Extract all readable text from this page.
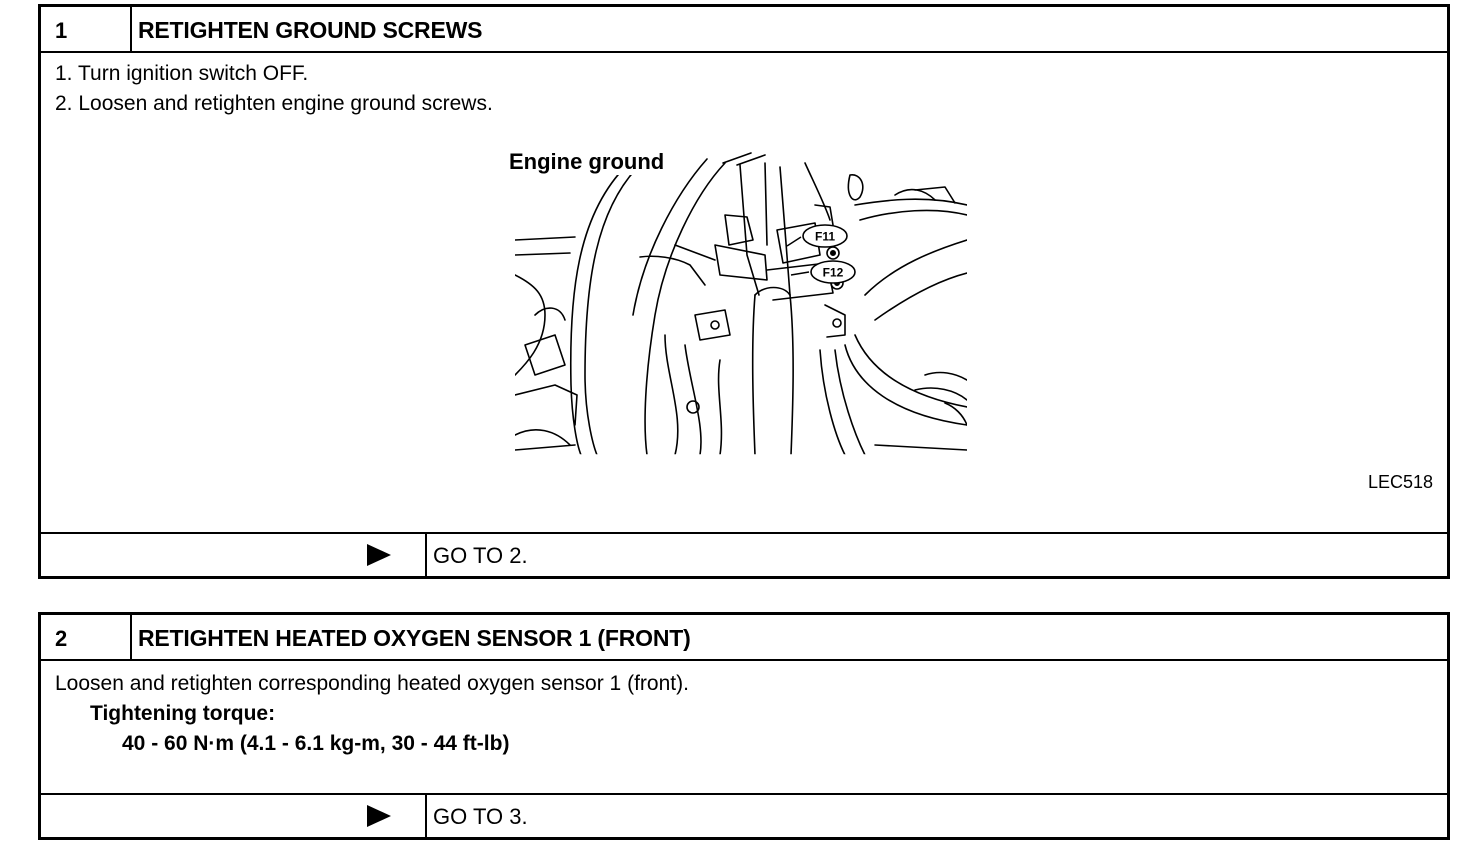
1	RETIGHTEN GROUND SCREWS
1. Turn ignition switch OFF.
2. Loosen and retighten engine ground screws.
Engine ground
F11
F12
LEC518
GO TO 2.
2	RETIGHTEN HEATED OXYGEN SENSOR 1 (FRONT)
Loosen and retighten corresponding heated oxygen sensor 1 (front).
Tightening torque:
40 - 60 N·m (4.1 - 6.1 kg-m, 30 - 44 ft-lb)
GO TO 3.
